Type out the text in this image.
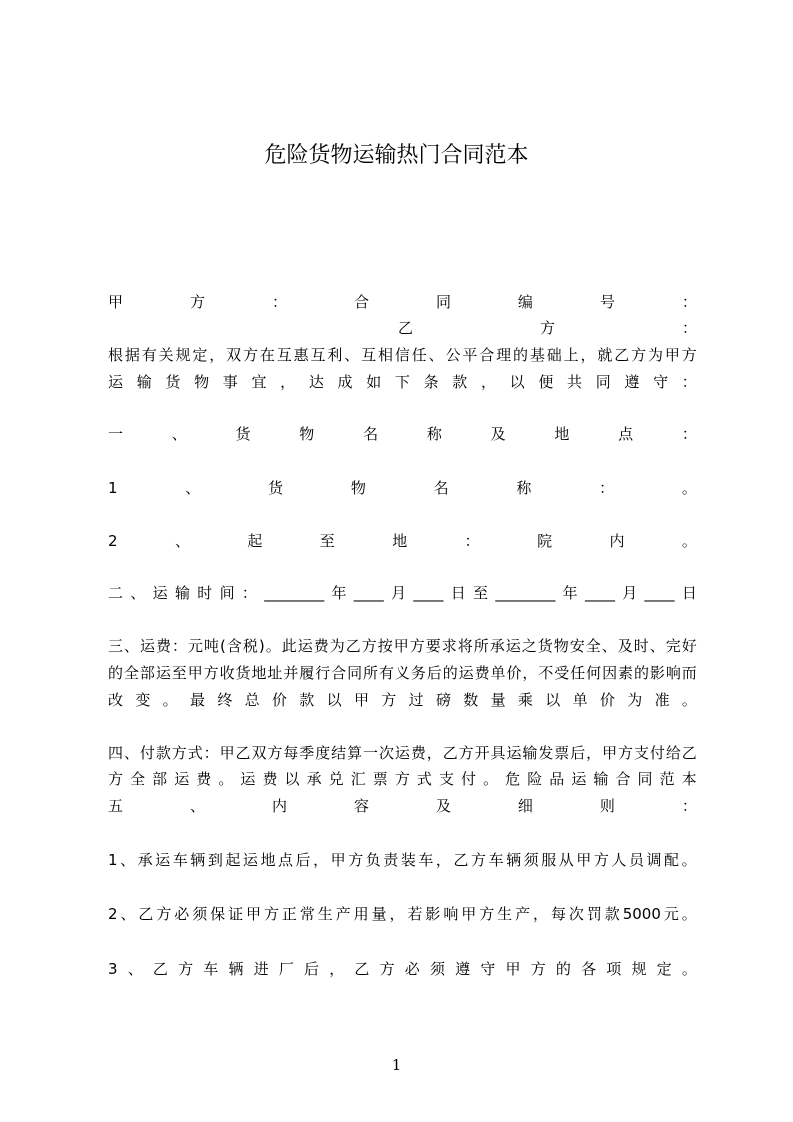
危险货物运输热门合同范本
甲	方	：	合	同	编	号	：
乙	方	：
根 据 有 关 规 定 ， 双 方 在 互 惠 互 利 、 互 相 信 任 、 公 平 合 理 的 基 础 上 ， 就 乙 方 为 甲 方
运 输 货 物 事 宜 ， 达 成 如 下 条 款 ， 以 便 共 同 遵 守 ：
一	、	货	物	名	称	及	地	点	：
1	、	货	物	名	称	：	。
2	、	起	至	地	：	院	内	。
二 、 运 输 时 间 ： ________ 年 ____ 月 ____ 日 至 ________ 年 ____ 月 ____ 日
三 、 运 费 ： 元 吨 ( 含 税 ) 。 此 运 费 为 乙 方 按 甲 方 要 求 将 所 承 运 之 货 物 安 全 、 及 时 、 完 好
的 全 部 运 至 甲 方 收 货 地 址 并 履 行 合 同 所 有 义 务 后 的 运 费 单 价 ， 不 受 任 何 因 素 的 影 响 而
改 变 。 最 终 总 价 款 以 甲 方 过 磅 数 量 乘 以 单 价 为 准 。
四 、 付 款 方 式 ： 甲 乙 双 方 每 季 度 结 算 一 次 运 费 ， 乙 方 开 具 运 输 发 票 后 ， 甲 方 支 付 给 乙
方 全 部 运 费 。 运 费 以 承 兑 汇 票 方 式 支 付 。 危 险 品 运 输 合 同 范 本
五	、	内	容	及	细	则	：
1 、 承 运 车 辆 到 起 运 地 点 后 ， 甲 方 负 责 装 车 ， 乙 方 车 辆 须 服 从 甲 方 人 员 调 配 。
2 、 乙 方 必 须 保 证 甲 方 正 常 生 产 用 量 ， 若 影 响 甲 方 生 产 ， 每 次 罚 款 5000 元 。
3 、 乙 方 车 辆 进 厂 后 ， 乙 方 必 须 遵 守 甲 方 的 各 项 规 定 。
1
